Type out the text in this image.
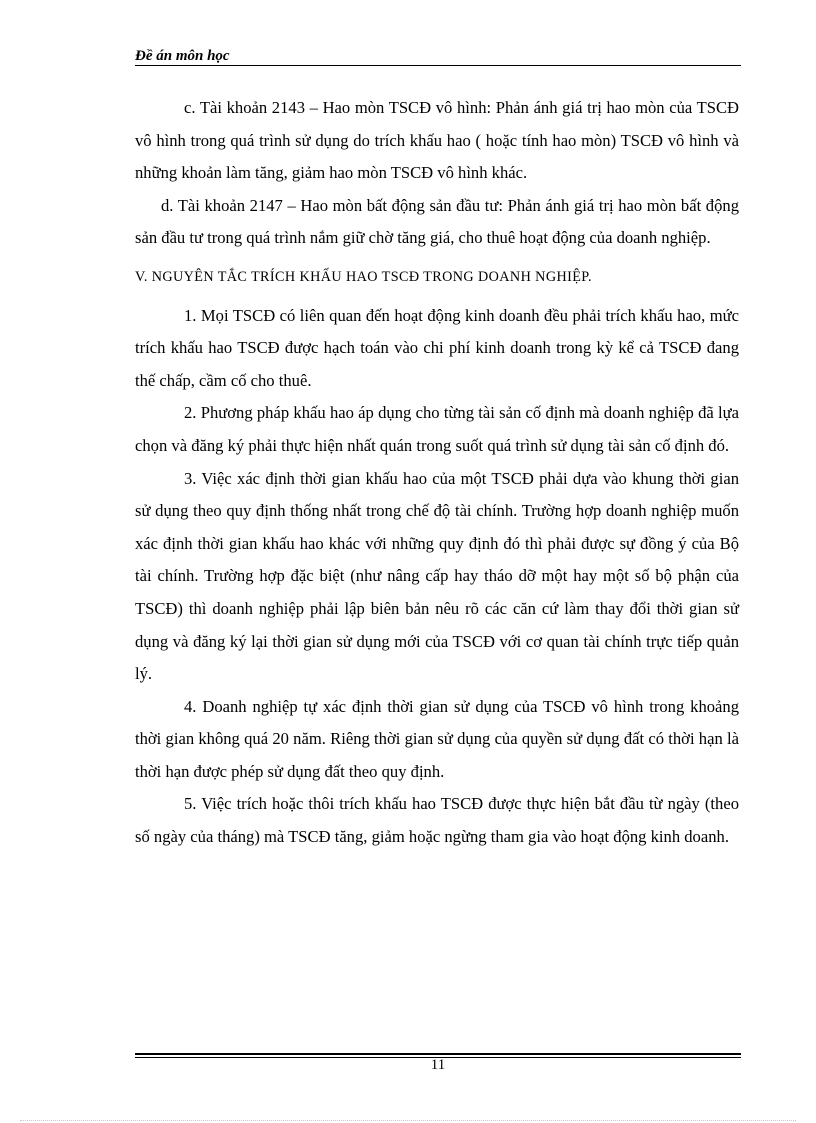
Đề án môn học

c. Tài khoản 2143 – Hao mòn TSCĐ vô hình: Phản ánh giá trị hao mòn của TSCĐ vô hình trong quá trình sử dụng do trích khấu hao ( hoặc tính hao mòn) TSCĐ vô hình và những khoản làm tăng, giảm hao mòn TSCĐ vô hình khác.

d. Tài khoản 2147 – Hao mòn bất động sản đầu tư: Phản ánh giá trị hao mòn bất động sản đầu tư trong quá trình nắm giữ chờ tăng giá, cho thuê hoạt động của doanh nghiệp.

V. NGUYÊN TẮC TRÍCH KHẤU HAO TSCĐ TRONG DOANH NGHIỆP.

1. Mọi TSCĐ có liên quan đến hoạt động kinh doanh đều phải trích khấu hao, mức trích khấu hao TSCĐ được hạch toán vào chi phí kinh doanh trong kỳ kể cả TSCĐ đang thế chấp, cầm cố cho thuê.

2. Phương pháp khấu hao áp dụng cho từng tài sản cố định mà doanh nghiệp đã lựa chọn và đăng ký phải thực hiện nhất quán trong suốt quá trình sử dụng tài sản cố định đó.

3. Việc xác định thời gian khấu hao của một TSCĐ phải dựa vào khung thời gian sử dụng theo quy định thống nhất trong chế độ tài chính. Trường hợp doanh nghiệp muốn xác định thời gian khấu hao khác với những quy định đó thì phải được sự đồng ý của Bộ tài chính. Trường hợp đặc biệt (như nâng cấp hay tháo dỡ một hay một số bộ phận của TSCĐ) thì doanh nghiệp phải lập biên bản nêu rõ các căn cứ làm thay đổi thời gian sử dụng và đăng ký lại thời gian sử dụng mới của TSCĐ với cơ quan tài chính trực tiếp quản lý.

4. Doanh nghiệp tự xác định thời gian sử dụng của TSCĐ vô hình trong khoảng thời gian không quá 20 năm. Riêng thời gian sử dụng của quyền sử dụng đất có thời hạn là thời hạn được phép sử dụng đất theo quy định.

5. Việc trích hoặc thôi trích khấu hao TSCĐ được thực hiện bắt đầu từ ngày (theo số ngày của tháng) mà TSCĐ tăng, giảm hoặc ngừng tham gia vào hoạt động kinh doanh.

11
